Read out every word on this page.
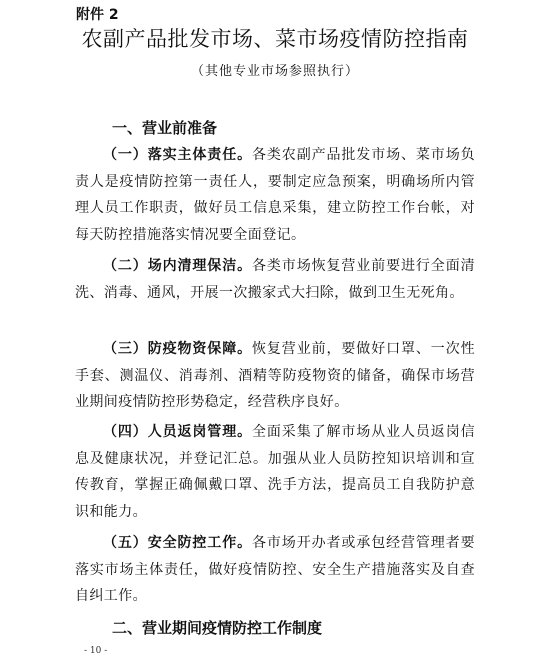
附件 2
农副产品批发市场、菜市场疫情防控指南
（其他专业市场参照执行）
一、营业前准备
（一）落实主体责任。各类农副产品批发市场、菜市场负责人是疫情防控第一责任人，要制定应急预案，明确场所内管理人员工作职责，做好员工信息采集，建立防控工作台帐，对每天防控措施落实情况要全面登记。
（二）场内清理保洁。各类市场恢复营业前要进行全面清洗、消毒、通风，开展一次搬家式大扫除，做到卫生无死角。
（三）防疫物资保障。恢复营业前，要做好口罩、一次性手套、测温仪、消毒剂、酒精等防疫物资的储备，确保市场营业期间疫情防控形势稳定，经营秩序良好。
（四）人员返岗管理。全面采集了解市场从业人员返岗信息及健康状况，并登记汇总。加强从业人员防控知识培训和宣传教育，掌握正确佩戴口罩、洗手方法，提高员工自我防护意识和能力。
（五）安全防控工作。各市场开办者或承包经营管理者要落实市场主体责任，做好疫情防控、安全生产措施落实及自查自纠工作。
二、营业期间疫情防控工作制度
- 10 -
